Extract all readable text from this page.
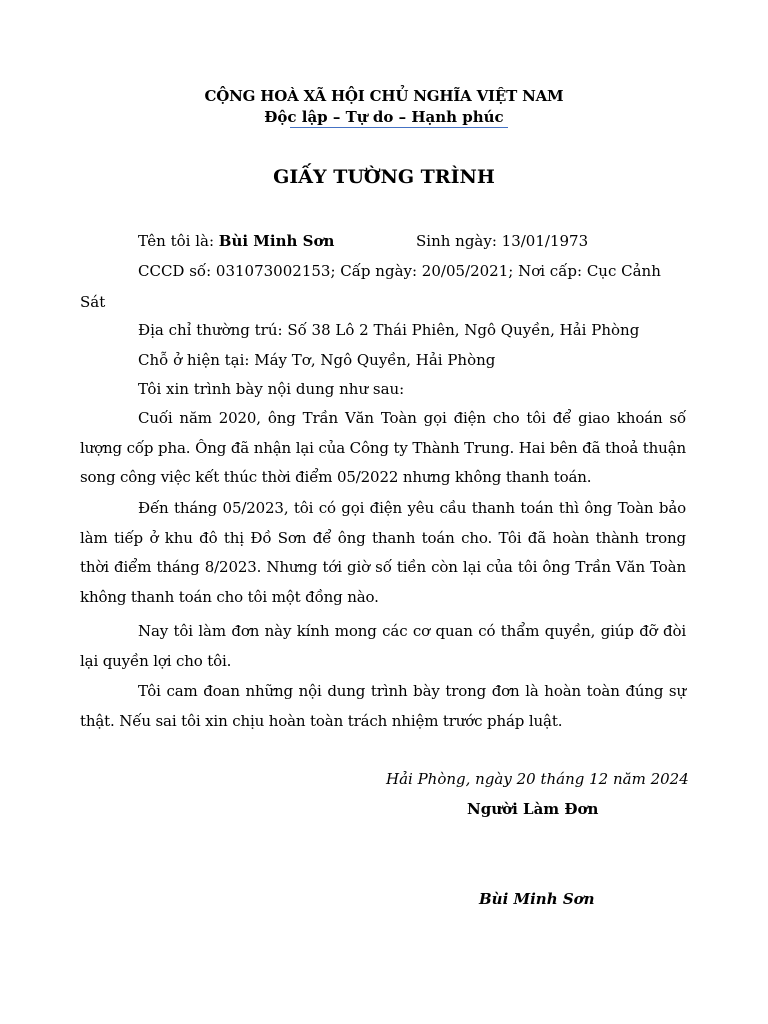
CỘNG HOÀ XÃ HỘI CHỦ NGHĨA VIỆT NAM
Độc lập – Tự do – Hạnh phúc
GIẤY TƯỜNG TRÌNH
Tên tôi là: Bùi Minh Sơn	Sinh ngày: 13/01/1973
CCCD số: 031073002153; Cấp ngày: 20/05/2021; Nơi cấp: Cục Cảnh
Sát
Địa chỉ thường trú: Số 38 Lô 2 Thái Phiên, Ngô Quyền, Hải Phòng
Chỗ ở hiện tại: Máy Tơ, Ngô Quyền, Hải Phòng
Tôi xin trình bày nội dung như sau:
Cuối năm 2020, ông Trần Văn Toàn gọi điện cho tôi để giao khoán số lượng cốp pha. Ông đã nhận lại của Công ty Thành Trung. Hai bên đã thoả thuận song công việc kết thúc thời điểm 05/2022 nhưng không thanh toán.
Đến tháng 05/2023, tôi có gọi điện yêu cầu thanh toán thì ông Toàn bảo làm tiếp ở khu đô thị Đồ Sơn để ông thanh toán cho. Tôi đã hoàn thành trong thời điểm tháng 8/2023. Nhưng tới giờ số tiền còn lại của tôi ông Trần Văn Toàn không thanh toán cho tôi một đồng nào.
Nay tôi làm đơn này kính mong các cơ quan có thẩm quyền, giúp đỡ đòi lại quyền lợi cho tôi.
Tôi cam đoan những nội dung trình bày trong đơn là hoàn toàn đúng sự thật. Nếu sai tôi xin chịu hoàn toàn trách nhiệm trước pháp luật.
Hải Phòng, ngày 20 tháng 12 năm 2024
Người Làm Đơn
Bùi Minh Sơn
